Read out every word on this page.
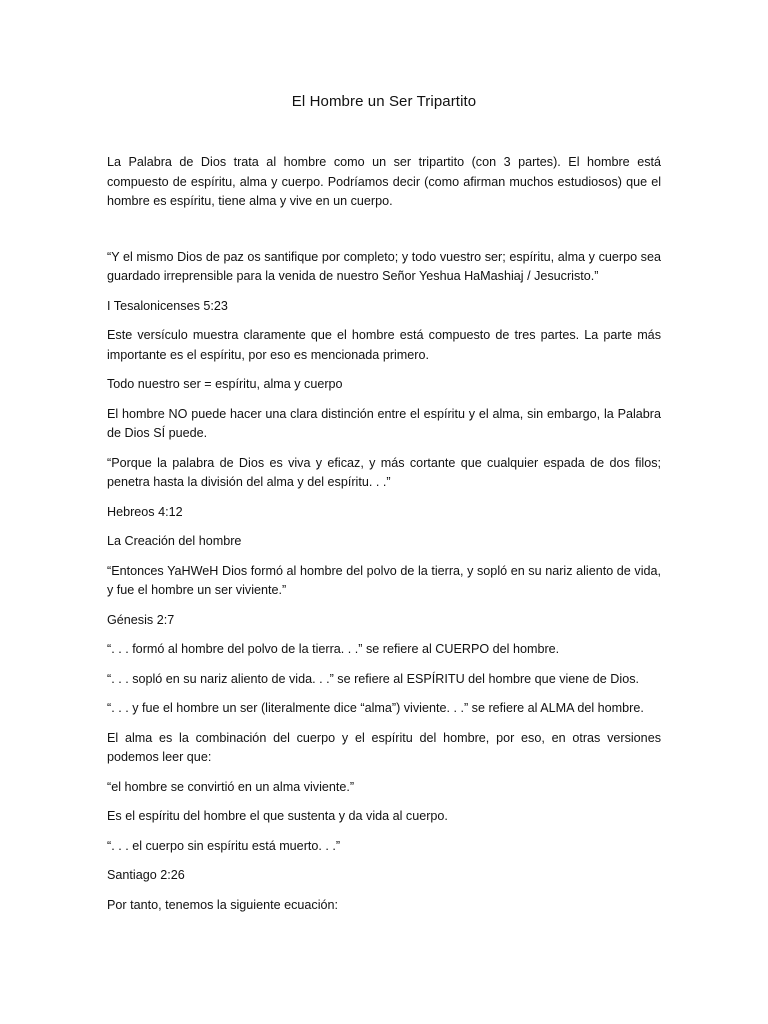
El Hombre un Ser Tripartito

La Palabra de Dios trata al hombre como un ser tripartito (con 3 partes). El hombre está compuesto de espíritu, alma y cuerpo. Podríamos decir (como afirman muchos estudiosos) que el hombre es espíritu, tiene alma y vive en un cuerpo.

“Y el mismo Dios de paz os santifique por completo; y todo vuestro ser; espíritu, alma y cuerpo sea guardado irreprensible para la venida de nuestro Señor Yeshua HaMashiaj / Jesucristo.”

I Tesalonicenses 5:23

Este versículo muestra claramente que el hombre está compuesto de tres partes. La parte más importante es el espíritu, por eso es mencionada primero.

Todo nuestro ser = espíritu, alma y cuerpo

El hombre NO puede hacer una clara distinción entre el espíritu y el alma, sin embargo, la Palabra de Dios SÍ puede.

“Porque la palabra de Dios es viva y eficaz, y más cortante que cualquier espada de dos filos; penetra hasta la división del alma y del espíritu. . .”

Hebreos 4:12

La Creación del hombre

“Entonces YaHWeH Dios formó al hombre del polvo de la tierra, y sopló en su nariz aliento de vida, y fue el hombre un ser viviente.”

Génesis 2:7

“. . . formó al hombre del polvo de la tierra. . .” se refiere al CUERPO del hombre.

“. . . sopló en su nariz aliento de vida. . .” se refiere al ESPÍRITU del hombre que viene de Dios.

“. . . y fue el hombre un ser (literalmente dice “alma”) viviente. . .” se refiere al ALMA del hombre.

El alma es la combinación del cuerpo y el espíritu del hombre, por eso, en otras versiones podemos leer que:

“el hombre se convirtió en un alma viviente.”

Es el espíritu del hombre el que sustenta y da vida al cuerpo.

“. . . el cuerpo sin espíritu está muerto. . .”

Santiago 2:26

Por tanto, tenemos la siguiente ecuación:
